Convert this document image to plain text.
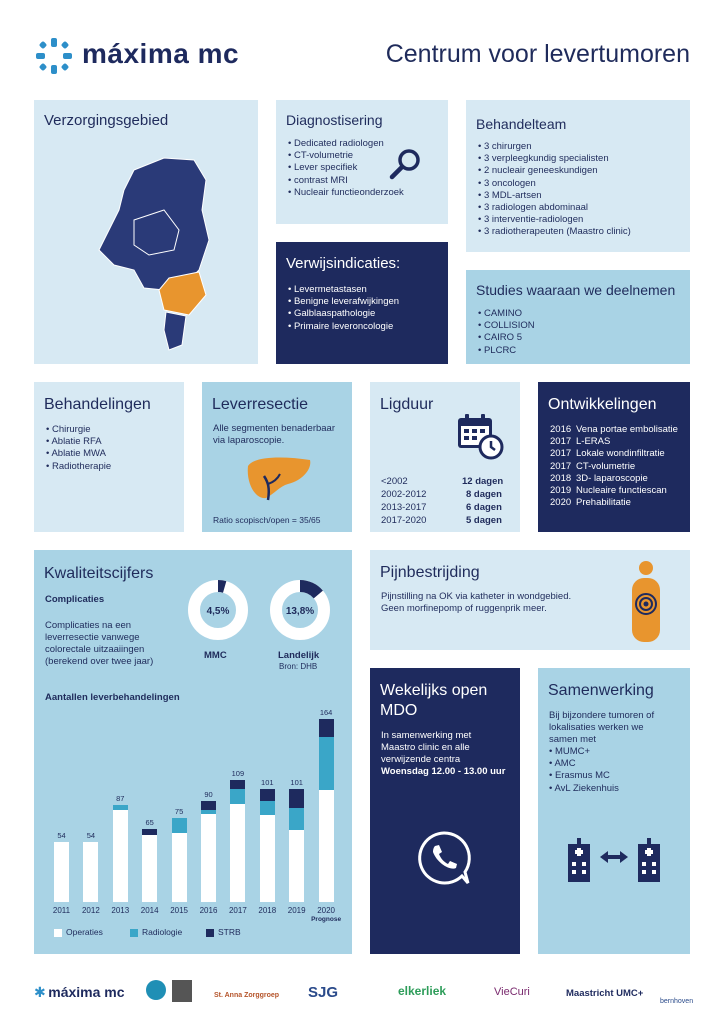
máxima mc	Centrum voor levertumoren
Verzorgingsgebied	Diagnostisering
• Dedicated radiologen
• CT-volumetrie
• Lever specifiek
• contrast MRI
• Nucleair functieonderzoek
Behandelteam
• 3 chirurgen
• 3 verpleegkundig specialisten
• 2 nucleair geneeskundigen
• 3 oncologen
• 3 MDL-artsen
• 3 radiologen abdominaal
• 3 interventie-radiologen
• 3 radiotherapeuten (Maastro clinic)
Verwijsindicaties:
• Levermetastasen
• Benigne leverafwijkingen
• Galblaaspathologie
• Primaire leveroncologie
Studies waaraan we deelnemen
• CAMINO
• COLLISION
• CAIRO 5
• PLCRC
Behandelingen
• Chirurgie
• Ablatie RFA
• Ablatie MWA
• Radiotherapie
Leverresectie
Alle segmenten benaderbaar
via laparoscopie.
Ratio scopisch/open = 35/65
Ligduur
<2002	12 dagen
2002-2012	8 dagen
2013-2017	6 dagen
2017-2020	5 dagen
Ontwikkelingen
2016 Vena portae embolisatie
2017 L-ERAS
2017 Lokale wondinfiltratie
2017 CT-volumetrie
2018 3D- laparoscopie
2019 Nucleaire functiescan
2020 Prehabilitatie
Kwaliteitscijfers
Complicaties
Complicaties na een
leverresectie vanwege
colorectale uitzaaiingen
(berekend over twee jaar)
4,5%
MMC
13,8%
Landelijk
Bron: DHB
Aantallen leverbehandelingen
54
2011
54
2012
87
2013
65
2014
75
2015
90
2016
109
2017
101
2018
101
2019
164
2020
Prognose
Operaties	Radiologie	STRB
Pijnbestrijding
Pijnstilling na OK via katheter in wondgebied.
Geen morfinepomp of ruggenprik meer.
Wekelijks open
MDO
In samenwerking met
Maastro clinic en alle
verwijzende centra
Woensdag 12.00 - 13.00 uur
Samenwerking
Bij bijzondere tumoren of
lokalisaties werken we
samen met
• MUMC+
• AMC
• Erasmus MC
• AvL Ziekenhuis
✱ máxima mc	St. Anna Zorggroep SJG	elkerliek	VieCuri	Maastricht UMC+
bernhoven
